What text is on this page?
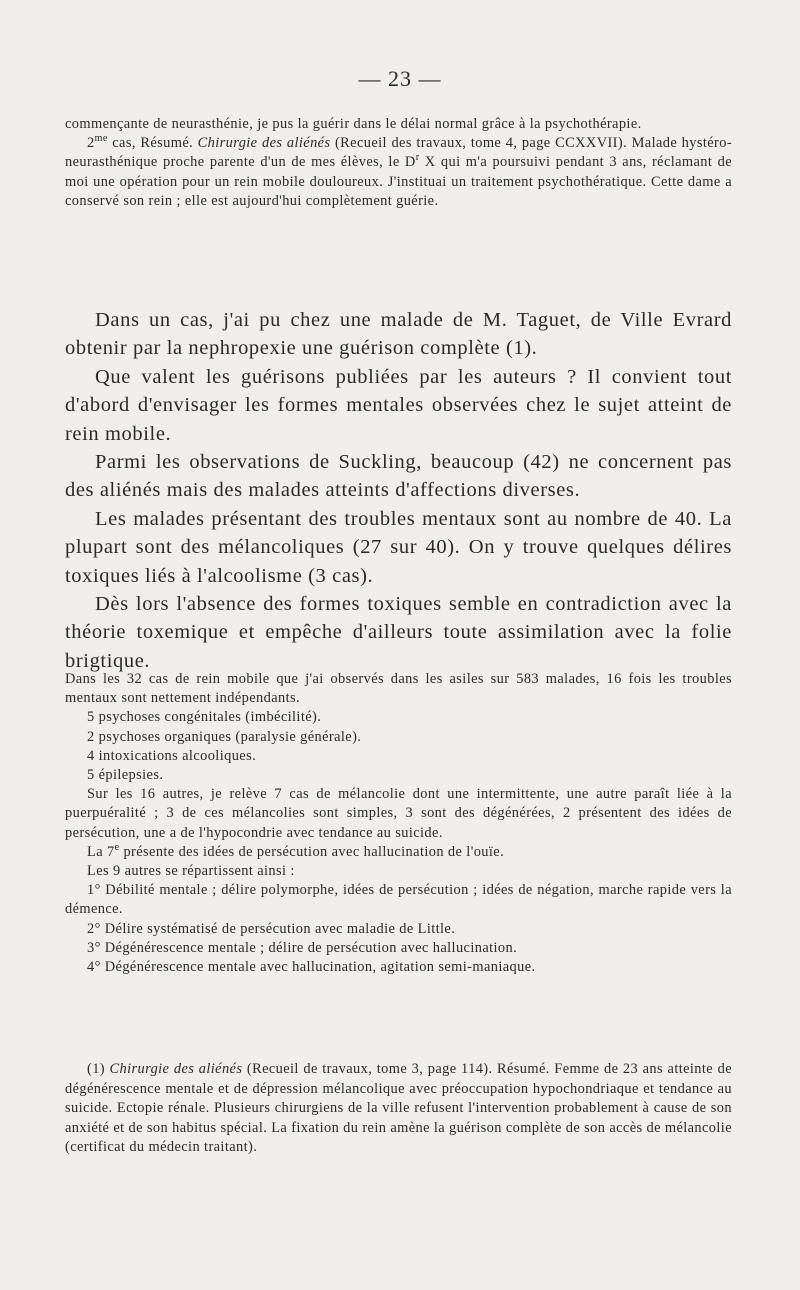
— 23 —

commençante de neurasthénie, je pus la guérir dans le délai normal grâce à la psychothérapie.

$2^{me}$ cas, Résumé. Chirurgie des aliénés (Recueil des travaux, tome 4, page CCXXVII). Malade hystéro-neurasthénique proche parente d'un de mes élèves, le $D^r$ X qui m'a poursuivi pendant 3 ans, réclamant de moi une opération pour un rein mobile douloureux. J'instituai un traitement psychothératique. Cette dame a conservé son rein ; elle est aujourd'hui complètement guérie.

Dans un cas, j'ai pu chez une malade de M. Taguet, de Ville Evrard obtenir par la nephropexie une guérison complète (1).

Que valent les guérisons publiées par les auteurs ? Il convient tout d'abord d'envisager les formes mentales observées chez le sujet atteint de rein mobile.

Parmi les observations de Suckling, beaucoup (42) ne concernent pas des aliénés mais des malades atteints d'affections diverses.

Les malades présentant des troubles mentaux sont au nombre de 40. La plupart sont des mélancoliques (27 sur 40). On y trouve quelques délires toxiques liés à l'alcoolisme (3 cas).

Dès lors l'absence des formes toxiques semble en contradiction avec la théorie toxemique et empêche d'ailleurs toute assimilation avec la folie brigtique.

Dans les 32 cas de rein mobile que j'ai observés dans les asiles sur 583 malades, 16 fois les troubles mentaux sont nettement indépendants.

5 psychoses congénitales (imbécilité).

2 psychoses organiques (paralysie générale).

4 intoxications alcooliques.

5 épilepsies.

Sur les 16 autres, je relève 7 cas de mélancolie dont une intermittente, une autre paraît liée à la puerpuéralité ; 3 de ces mélancolies sont simples, 3 sont des dégénérées, 2 présentent des idées de persécution, une a de l'hypocondrie avec tendance au suicide.

La 7e présente des idées de persécution avec hallucination de l'ouïe.

Les 9 autres se répartissent ainsi :

1° Débilité mentale ; délire polymorphe, idées de persécution ; idées de négation, marche rapide vers la démence.

2° Délire systématisé de persécution avec maladie de Little.

3° Dégénérescence mentale ; délire de persécution avec hallucination.

4° Dégénérescence mentale avec hallucination, agitation semi-maniaque.

(1) Chirurgie des aliénés (Recueil de travaux, tome 3, page 114). Résumé. Femme de 23 ans atteinte de dégénérescence mentale et de dépression mélancolique avec préoccupation hypochondriaque et tendance au suicide. Ectopie rénale. Plusieurs chirurgiens de la ville refusent l'intervention probablement à cause de son anxiété et de son habitus spécial. La fixation du rein amène la guérison complète de son accès de mélancolie (certificat du médecin traitant).
